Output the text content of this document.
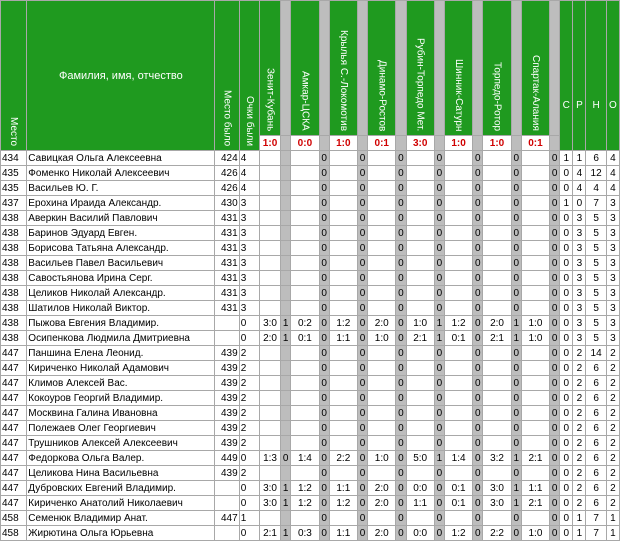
Место	Фамилия, имя, отчество	Место было	Очки были	Зенит-Кубань		Амкар-ЦСКА		Крылья С.-Локомотив		Динамо-Ростов		Рубин-Торпедо Мет.		Шинник-Сатурн		Торпедо-Ротор		Спартак-Алания		С	Р	Н	О
				1:0		0:0		1:0		0:1		3:0		1:0		1:0		0:1					
434	Савицкая Ольга Алексеевна	424	4				0		0		0		0		0		0		0	1	1	6	4
435	Фоменко Николай Алексеевич	426	4				0		0		0		0		0		0		0	0	4	12	4
435	Васильев Ю. Г.	426	4				0		0		0		0		0		0		0	0	4	4	4
437	Ерохина Ираида Александр.	430	3				0		0		0		0		0		0		0	1	0	7	3
438	Аверкин Василий Павлович	431	3				0		0		0		0		0		0		0	0	3	5	3
438	Баринов Эдуард Евген.	431	3				0		0		0		0		0		0		0	0	3	5	3
438	Борисова Татьяна Александр.	431	3				0		0		0		0		0		0		0	0	3	5	3
438	Васильев Павел Васильевич	431	3				0		0		0		0		0		0		0	0	3	5	3
438	Савостьянова Ирина Серг.	431	3				0		0		0		0		0		0		0	0	3	5	3
438	Целиков Николай Александр.	431	3				0		0		0		0		0		0		0	0	3	5	3
438	Шатилов Николай Виктор.	431	3				0		0		0		0		0		0		0	0	3	5	3
438	Пыжова Евгения Владимир.		0	3:0	1	0:2	0	1:2	0	2:0	0	1:0	1	1:2	0	2:0	1	1:0	0	0	3	5	3
438	Осипенкова Людмила Дмитриевна		0	2:0	1	0:1	0	1:1	0	1:0	0	2:1	1	0:1	0	2:1	1	1:0	0	0	3	5	3
447	Паншина Елена Леонид.	439	2				0		0		0		0		0		0		0	0	2	14	2
447	Кириченко Николай Адамович	439	2				0		0		0		0		0		0		0	0	2	6	2
447	Климов Алексей Вас.	439	2				0		0		0		0		0		0		0	0	2	6	2
447	Кокоуров Георгий Владимир.	439	2				0		0		0		0		0		0		0	0	2	6	2
447	Москвина Галина Ивановна	439	2				0		0		0		0		0		0		0	0	2	6	2
447	Полежаев Олег Георгиевич	439	2				0		0		0		0		0		0		0	0	2	6	2
447	Трушников Алексей Алексеевич	439	2				0		0		0		0		0		0		0	0	2	6	2
447	Федоркова Ольга Валер.	449	0	1:3	0	1:4	0	2:2	0	1:0	0	5:0	1	1:4	0	3:2	1	2:1	0	0	2	6	2
447	Целикова Нина Васильевна	439	2				0		0		0		0		0		0		0	0	2	6	2
447	Дубровских Евгений Владимир.		0	3:0	1	1:2	0	1:1	0	2:0	0	0:0	0	0:1	0	3:0	1	1:1	0	0	2	6	2
447	Кириченко Анатолий Николаевич		0	3:0	1	1:2	0	1:2	0	2:0	0	1:1	0	0:1	0	3:0	1	2:1	0	0	2	6	2
458	Семенюк Владимир Анат.	447	1				0		0		0		0		0		0		0	0	1	7	1
458	Жирютина Ольга Юрьевна		0	2:1	1	0:3	0	1:1	0	2:0	0	0:0	0	1:2	0	2:2	0	1:0	0	0	1	7	1
